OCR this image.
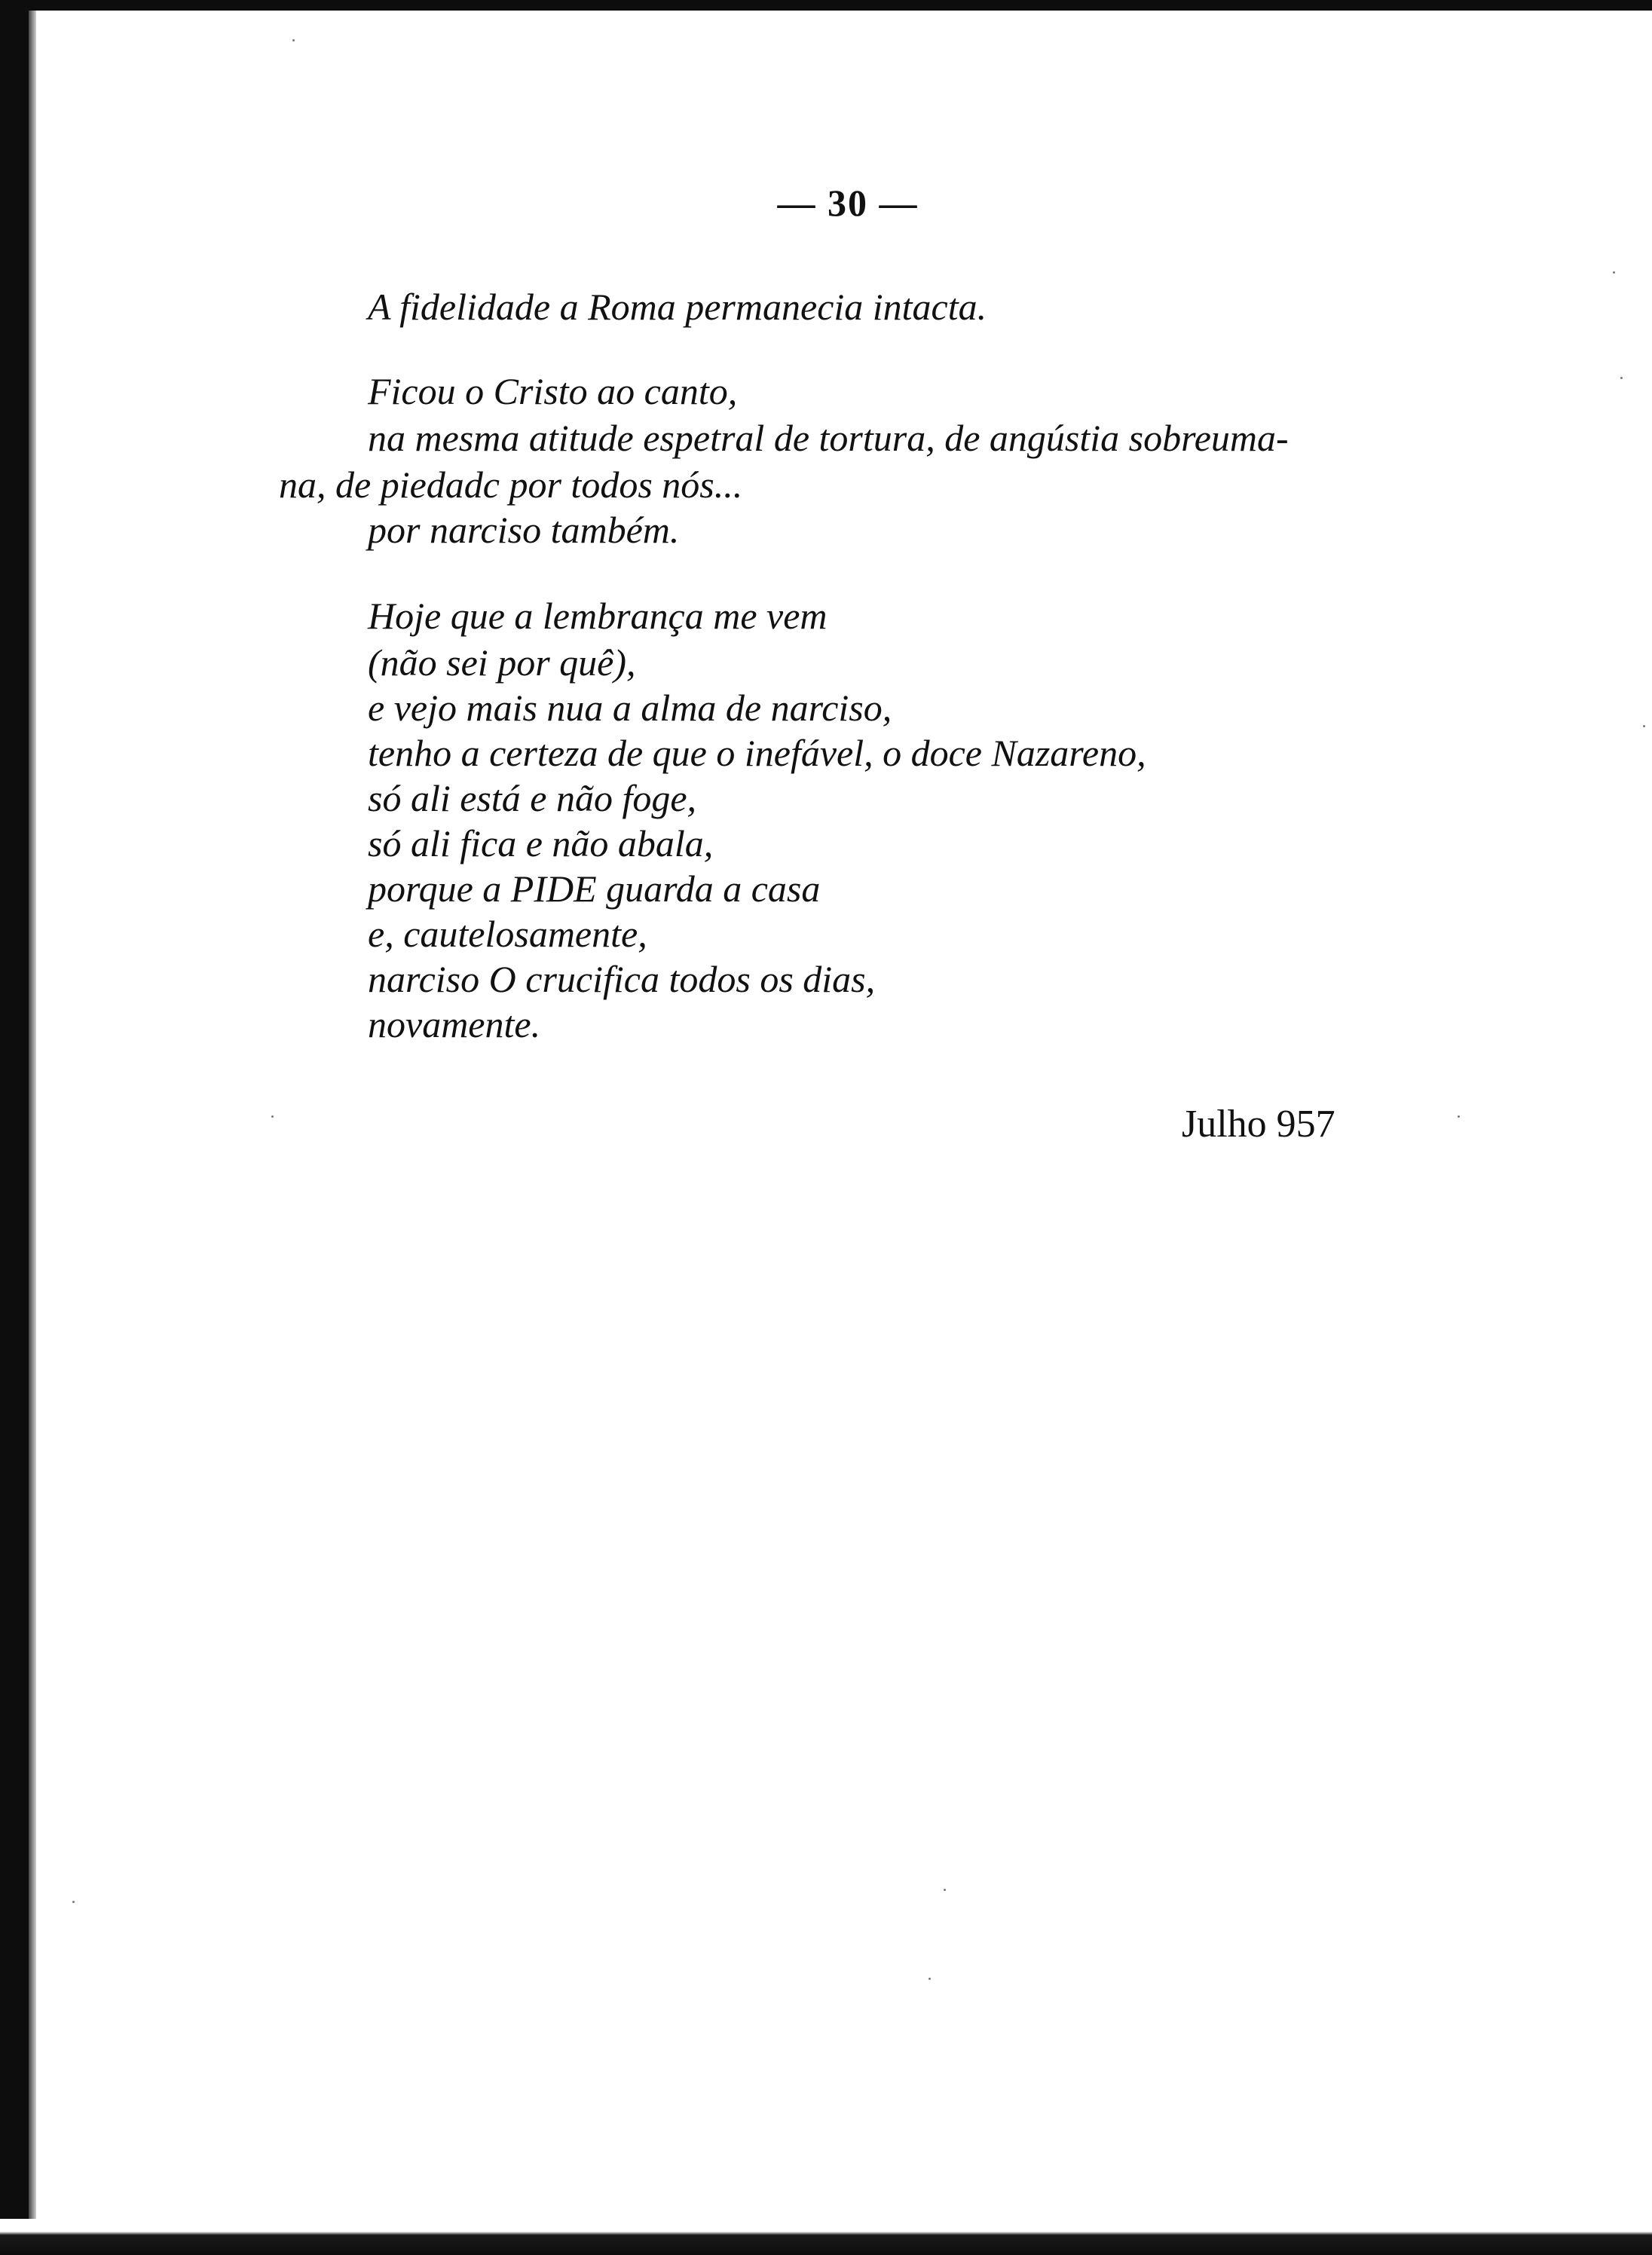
— 30 —
A fidelidade a Roma permanecia intacta.
Ficou o Cristo ao canto,
na mesma atitude espetral de tortura, de angústia sobreuma-
na, de piedadc por todos nós...
por narciso também.
Hoje que a lembrança me vem
(não sei por quê),
e vejo mais nua a alma de narciso,
tenho a certeza de que o inefável, o doce Nazareno,
só ali está e não foge,
só ali fica e não abala,
porque a PIDE guarda a casa
e, cautelosamente,
narciso O crucifica todos os dias,
novamente.
Julho 957
